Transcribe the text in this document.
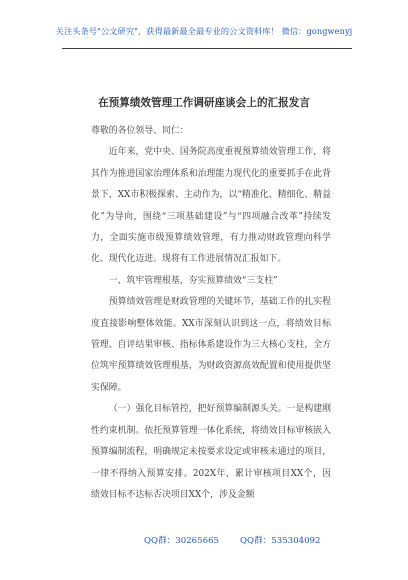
关注头条号"公文研究"，获得最新最全最专业的公文资料库！ 微信：gongwenyj
在预算绩效管理工作调研座谈会上的汇报发言

尊敬的各位领导、同仁：

近年来，党中央、国务院高度重视预算绩效管理工作，将其作为推进国家治理体系和治理能力现代化的重要抓手在此背景下，XX市积极探索、主动作为，以“精准化、精细化、精益化”为导向，围绕“三项基础建设”与“四项融合改革”持续发力，全面实施市级预算绩效管理，有力推动财政管理向科学化、现代化迈进。现将有工作进展情况汇报如下。

一、筑牢管理根基，夯实预算绩效“三支柱”

预算绩效管理是财政管理的关键环节，基础工作的扎实程度直接影响整体效能。XX市深刻认识到这一点，将绩效目标管理、自评结果审核、指标体系建设作为三大核心支柱，全方位筑牢预算绩效管理根基，为财政资源高效配置和使用提供坚实保障。

（一）强化目标管控，把好预算编制源头关。一是构建刚性约束机制。依托预算管理一体化系统，将绩效目标审核嵌入预算编制流程，明确规定未按要求设定或审核未通过的项目，一律不得纳入预算安排。202X年，累计审核项目XX个，因绩效目标不达标否决项目XX个，涉及金额

QQ群：30265665 QQ群：535304092
